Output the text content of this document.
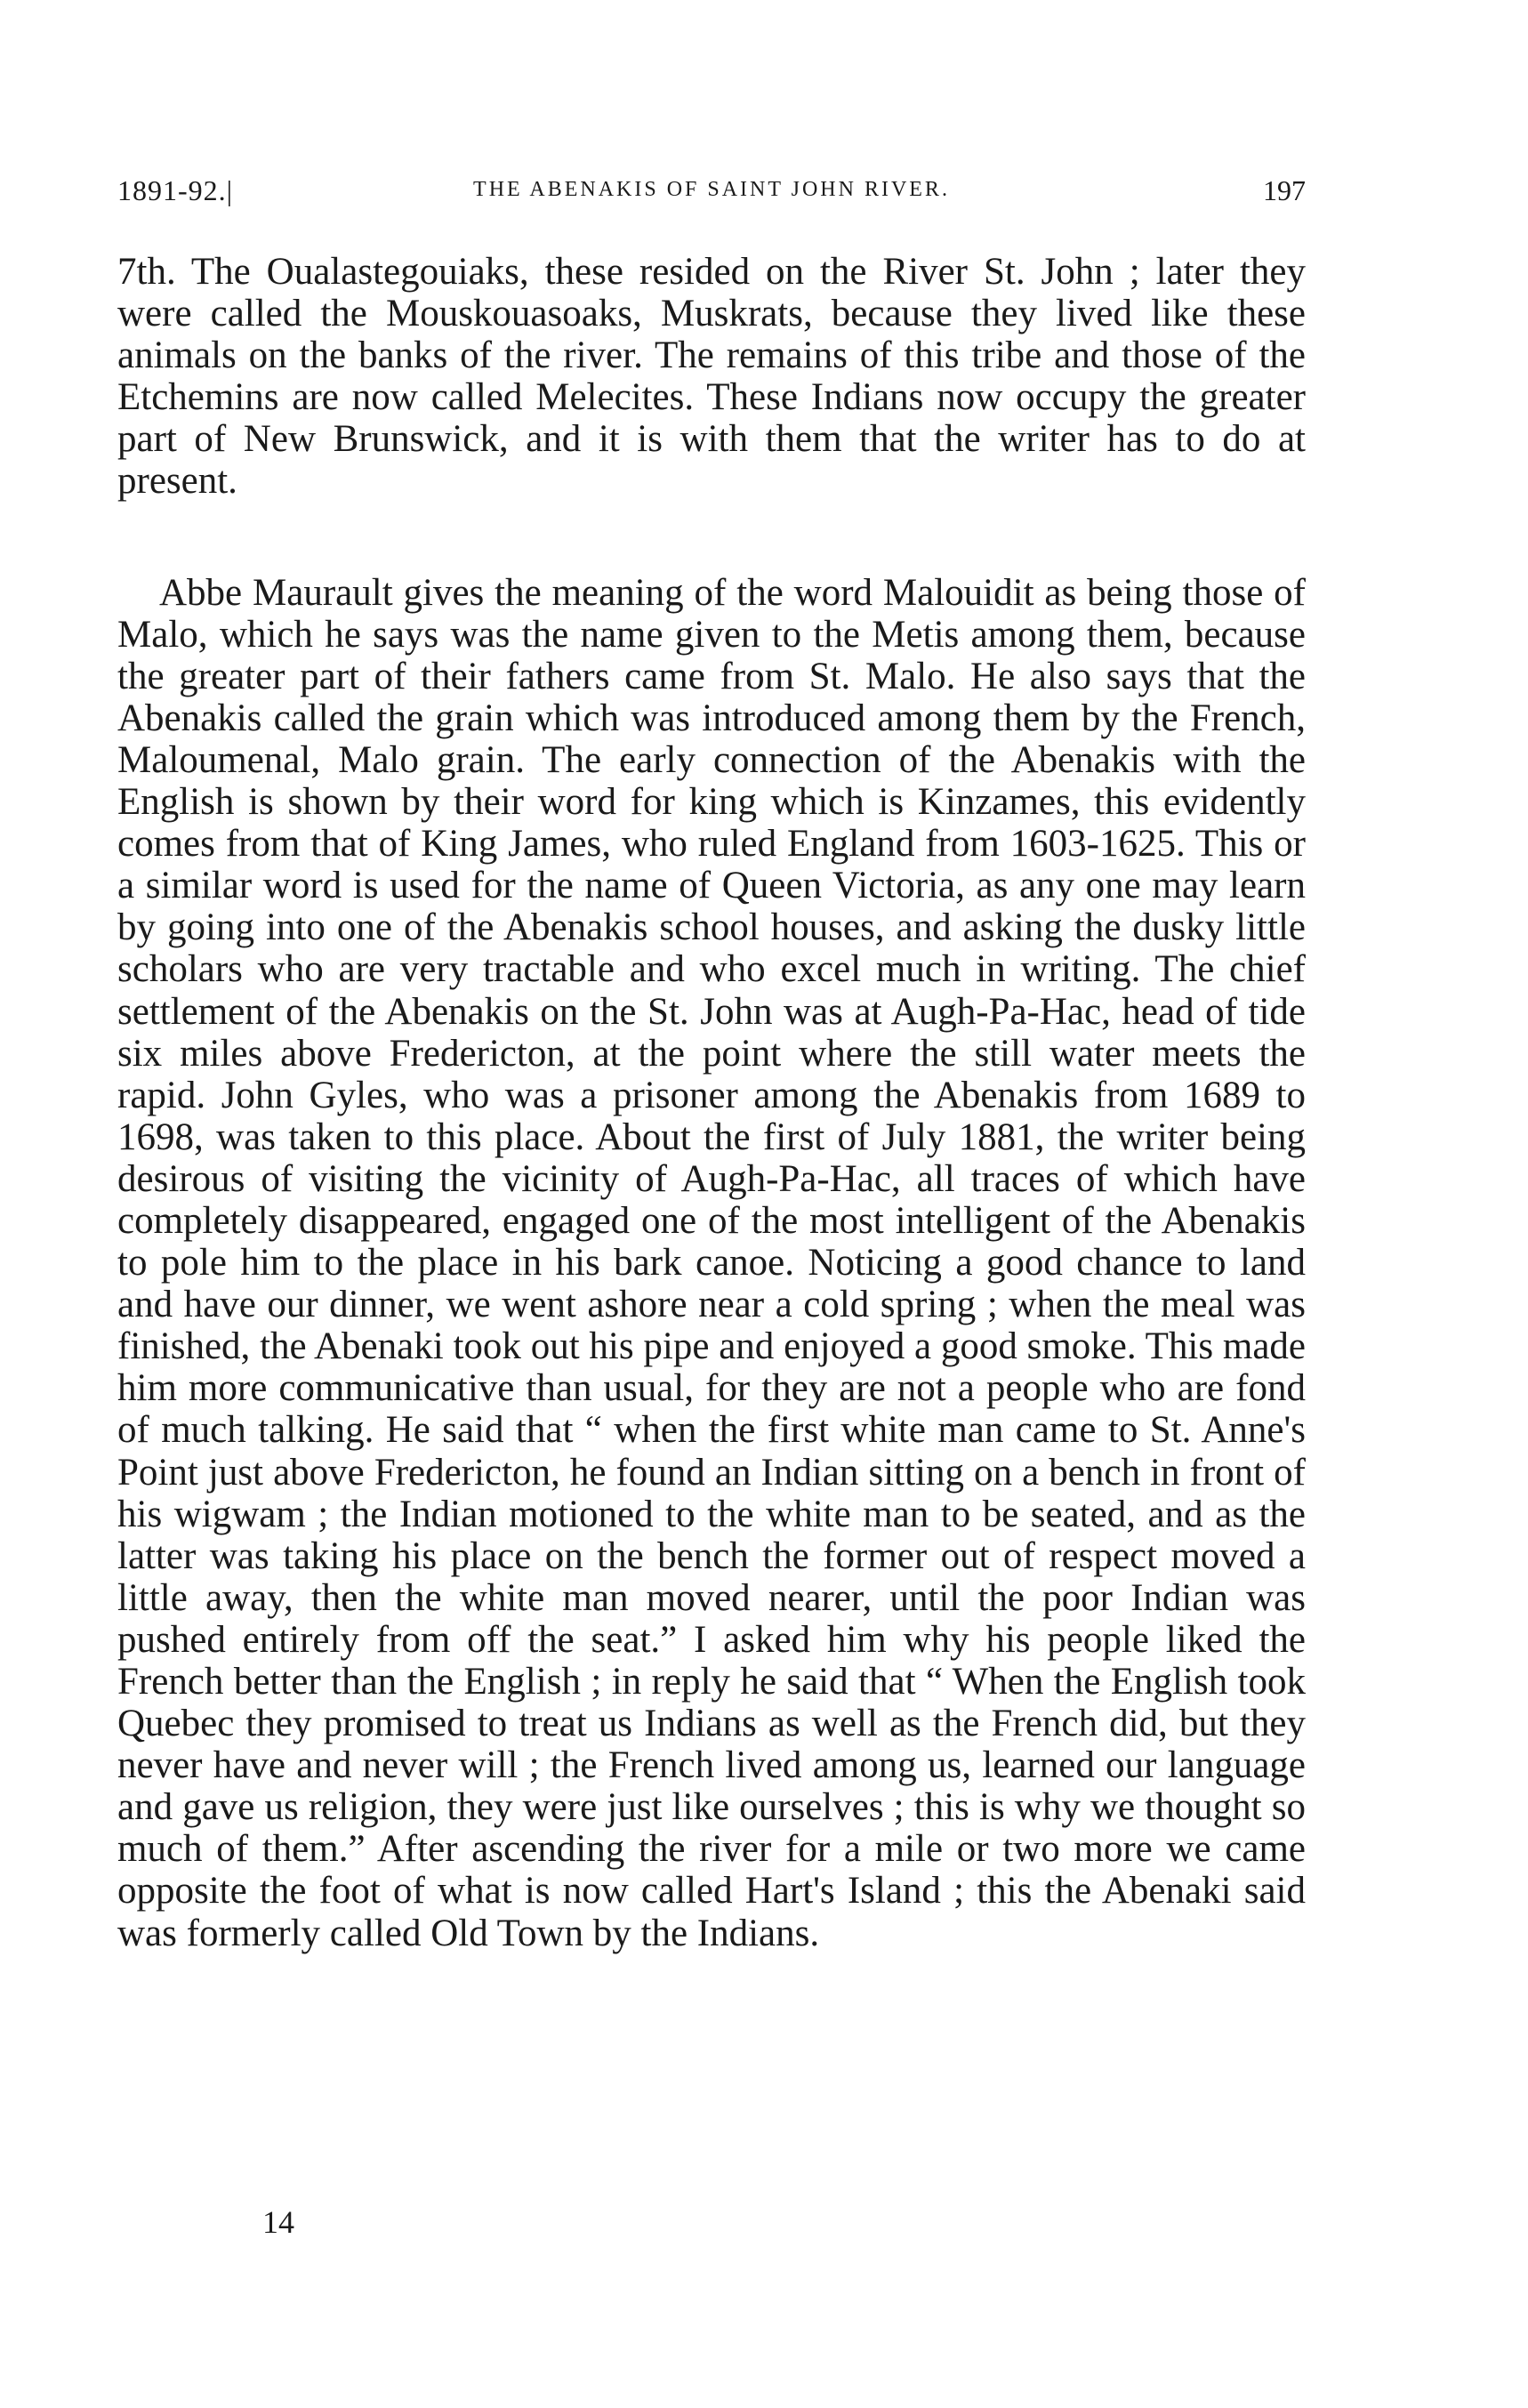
1891-92.|	THE ABENAKIS OF SAINT JOHN RIVER.	197

7th. The Oualastegouiaks, these resided on the River St. John ; later they were called the Mouskouasoaks, Muskrats, because they lived like these animals on the banks of the river. The remains of this tribe and those of the Etchemins are now called Melecites. These Indians now occupy the greater part of New Brunswick, and it is with them that the writer has to do at present.

Abbe Maurault gives the meaning of the word Malouidit as being those of Malo, which he says was the name given to the Metis among them, because the greater part of their fathers came from St. Malo. He also says that the Abenakis called the grain which was introduced among them by the French, Maloumenal, Malo grain. The early connection of the Abenakis with the English is shown by their word for king which is Kinzames, this evidently comes from that of King James, who ruled England from 1603-1625. This or a similar word is used for the name of Queen Victoria, as any one may learn by going into one of the Abenakis school houses, and asking the dusky little scholars who are very tractable and who excel much in writing. The chief settlement of the Abenakis on the St. John was at Augh-Pa-Hac, head of tide six miles above Fredericton, at the point where the still water meets the rapid. John Gyles, who was a prisoner among the Abenakis from 1689 to 1698, was taken to this place. About the first of July 1881, the writer being desirous of visiting the vicinity of Augh-Pa-Hac, all traces of which have completely disappeared, engaged one of the most intelligent of the Abenakis to pole him to the place in his bark canoe. Noticing a good chance to land and have our dinner, we went ashore near a cold spring ; when the meal was finished, the Abenaki took out his pipe and enjoyed a good smoke. This made him more communicative than usual, for they are not a people who are fond of much talking. He said that “ when the first white man came to St. Anne's Point just above Fredericton, he found an Indian sitting on a bench in front of his wigwam ; the Indian motioned to the white man to be seated, and as the latter was taking his place on the bench the former out of respect moved a little away, then the white man moved nearer, until the poor Indian was pushed entirely from off the seat.” I asked him why his people liked the French better than the English ; in reply he said that “ When the English took Quebec they promised to treat us Indians as well as the French did, but they never have and never will ; the French lived among us, learned our language and gave us religion, they were just like ourselves ; this is why we thought so much of them.” After ascending the river for a mile or two more we came opposite the foot of what is now called Hart's Island ; this the Abenaki said was formerly called Old Town by the Indians.

14
